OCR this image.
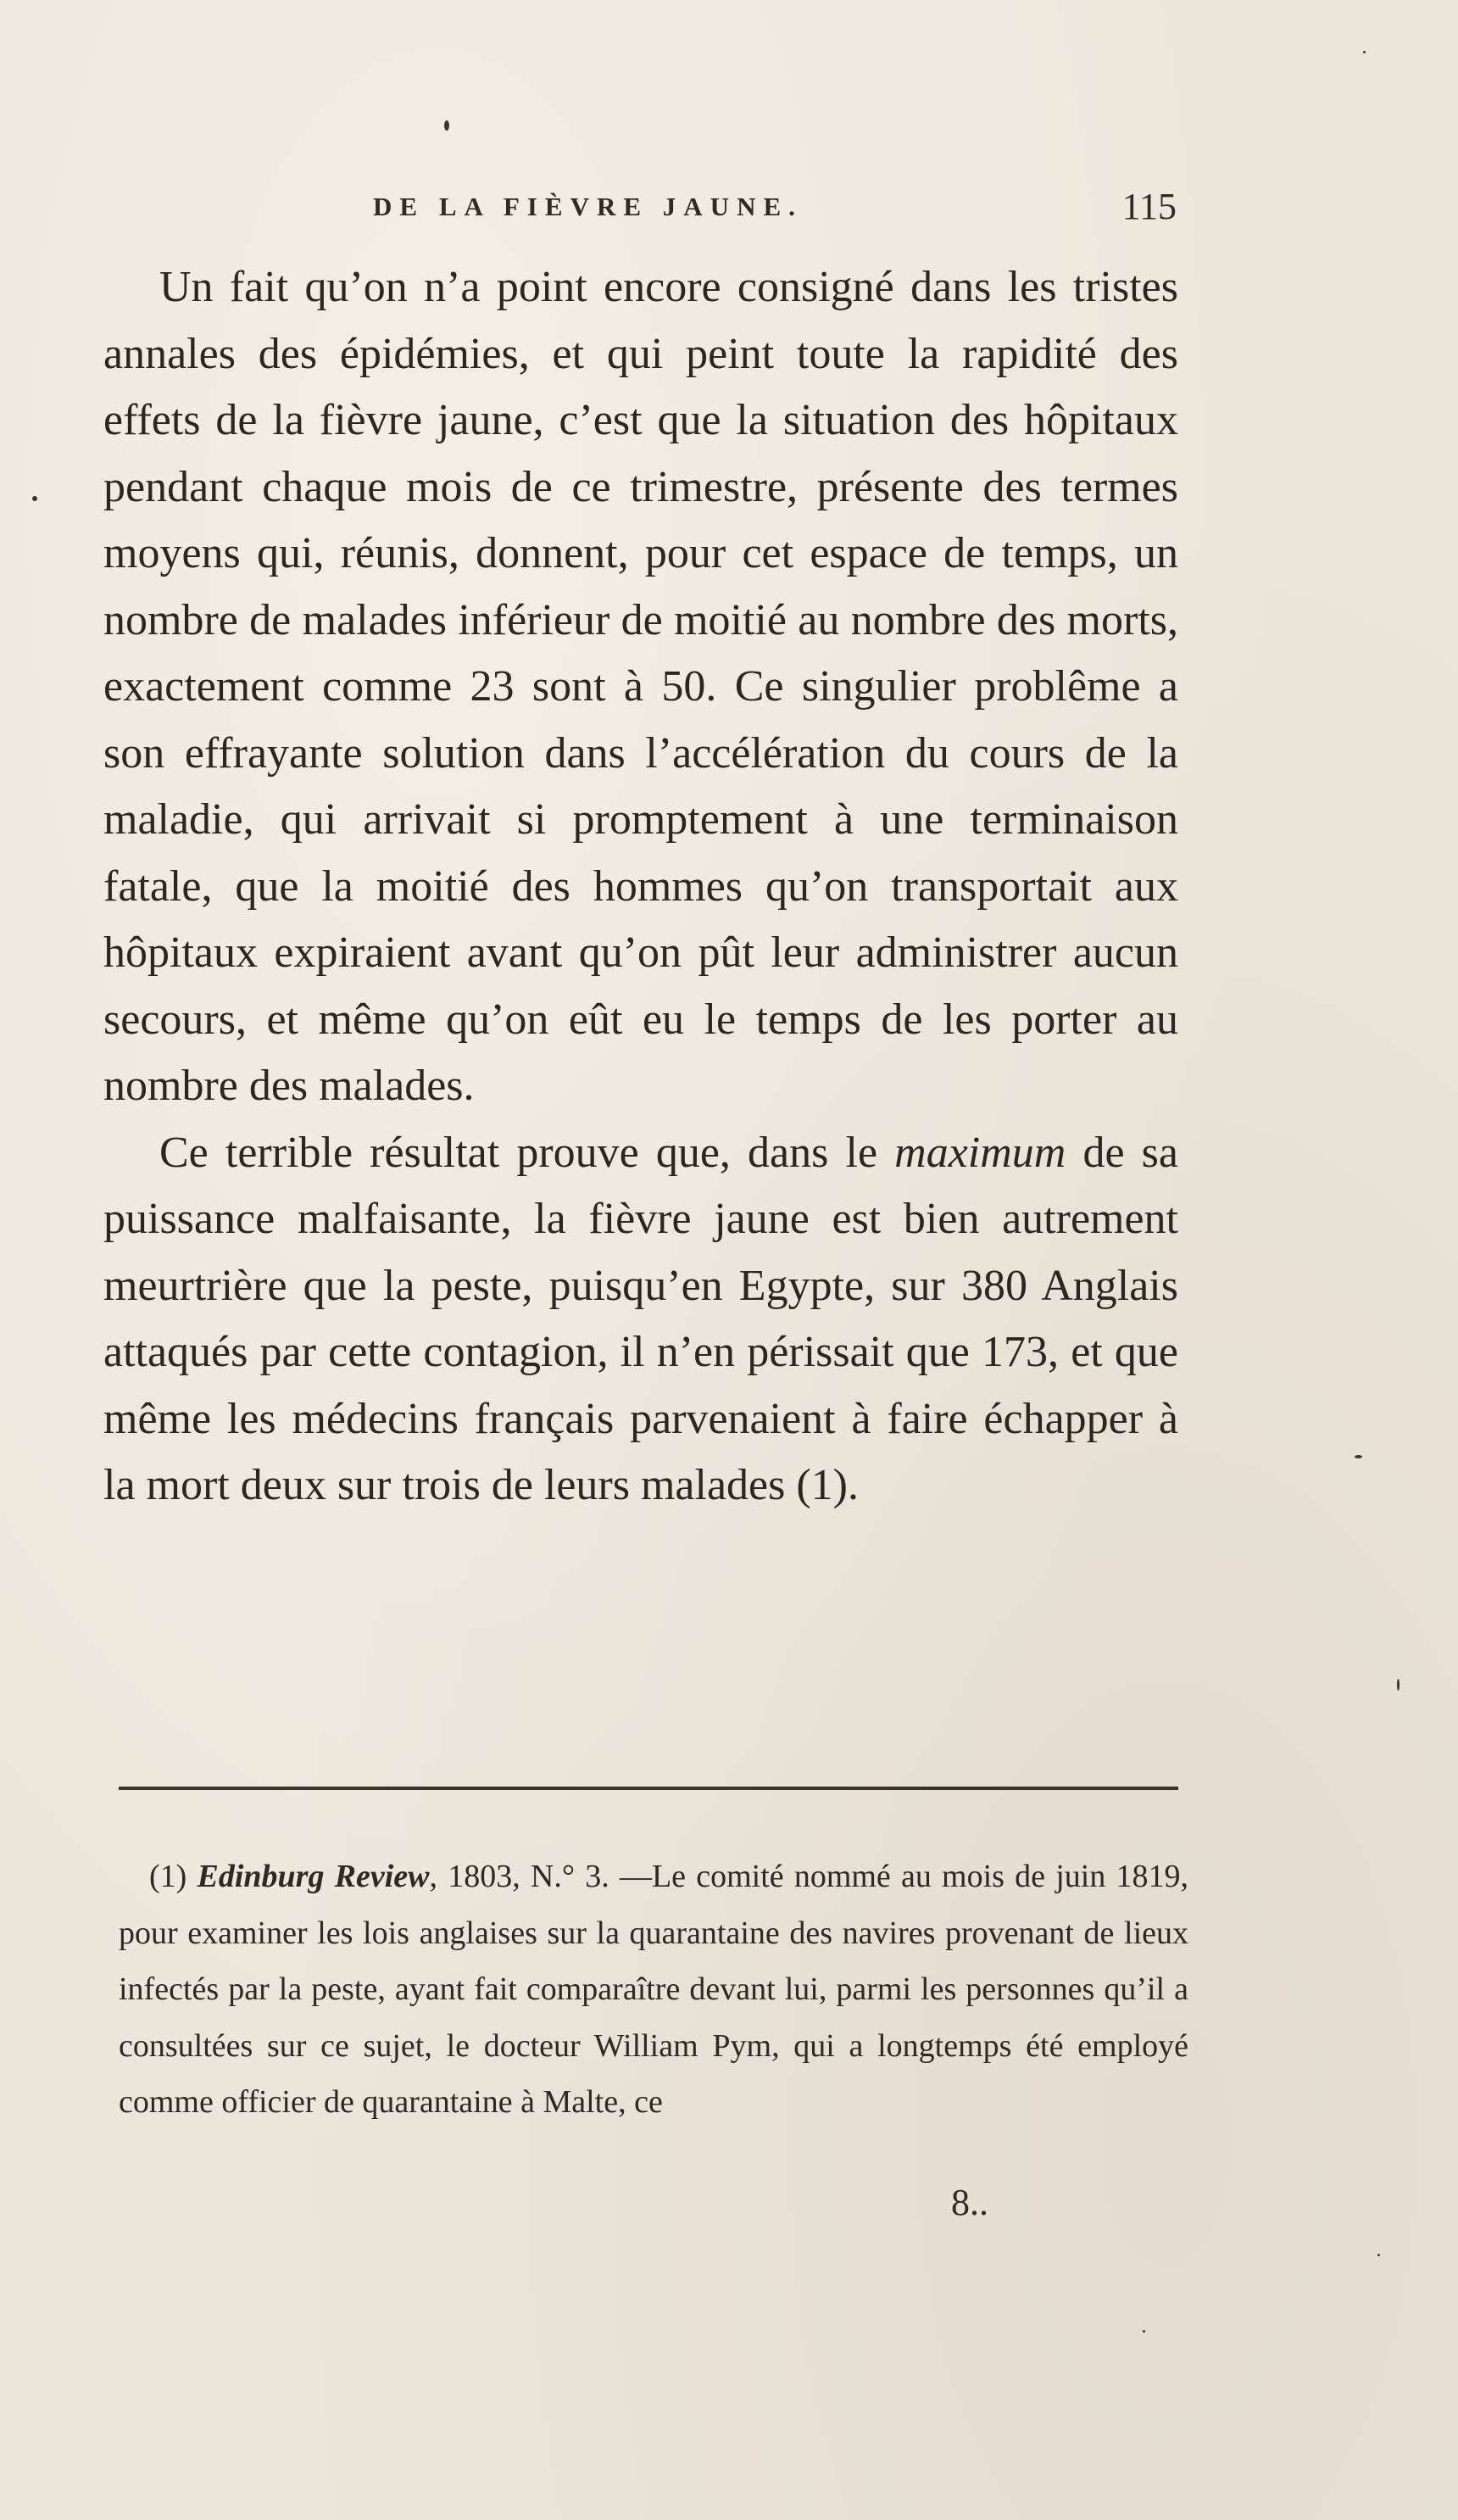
DE LA FIÈVRE JAUNE.	115

Un fait qu’on n’a point encore consigné dans les tristes annales des épidémies, et qui peint toute la rapidité des effets de la fièvre jaune, c’est que la situation des hôpitaux pendant chaque mois de ce trimestre, présente des termes moyens qui, réunis, donnent, pour cet espace de temps, un nombre de malades inférieur de moitié au nombre des morts, exactement comme 23 sont à 50. Ce singulier problême a son effrayante solution dans l’accélération du cours de la maladie, qui arrivait si promptement à une terminaison fatale, que la moitié des hommes qu’on transportait aux hôpitaux expiraient avant qu’on pût leur administrer aucun secours, et même qu’on eût eu le temps de les porter au nombre des malades.

Ce terrible résultat prouve que, dans le maximum de sa puissance malfaisante, la fièvre jaune est bien autrement meurtrière que la peste, puisqu’en Egypte, sur 380 Anglais attaqués par cette contagion, il n’en périssait que 173, et que même les médecins français parvenaient à faire échapper à la mort deux sur trois de leurs malades (1).

(1) Edinburg Review, 1803, N.° 3. —Le comité nommé au mois de juin 1819, pour examiner les lois anglaises sur la quarantaine des navires provenant de lieux infectés par la peste, ayant fait comparaître devant lui, parmi les personnes qu’il a consultées sur ce sujet, le docteur William Pym, qui a longtemps été employé comme officier de quarantaine à Malte, ce

8..
